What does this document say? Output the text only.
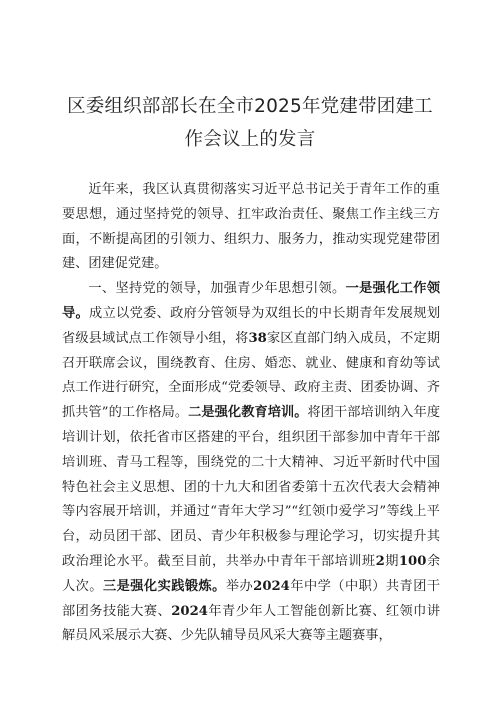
区委组织部部长在全市2025年党建带团建工
作会议上的发言

近年来，我区认真贯彻落实习近平总书记关于青年工作的重要思想，通过坚持党的领导、扛牢政治责任、聚焦工作主线三方面，不断提高团的引领力、组织力、服务力，推动实现党建带团建、团建促党建。

一、坚持党的领导，加强青少年思想引领。一是强化工作领导。成立以党委、政府分管领导为双组长的中长期青年发展规划省级县域试点工作领导小组，将38家区直部门纳入成员，不定期召开联席会议，围绕教育、住房、婚恋、就业、健康和育幼等试点工作进行研究，全面形成“党委领导、政府主责、团委协调、齐抓共管”的工作格局。二是强化教育培训。将团干部培训纳入年度培训计划，依托省市区搭建的平台，组织团干部参加中青年干部培训班、青马工程等，围绕党的二十大精神、习近平新时代中国特色社会主义思想、团的十九大和团省委第十五次代表大会精神等内容展开培训，并通过“青年大学习”“红领巾爱学习”等线上平台，动员团干部、团员、青少年积极参与理论学习，切实提升其政治理论水平。截至目前，共举办中青年干部培训班2期100余人次。三是强化实践锻炼。举办2024年中学（中职）共青团干部团务技能大赛、2024年青少年人工智能创新比赛、红领巾讲解员风采展示大赛、少先队辅导员风采大赛等主题赛事，
